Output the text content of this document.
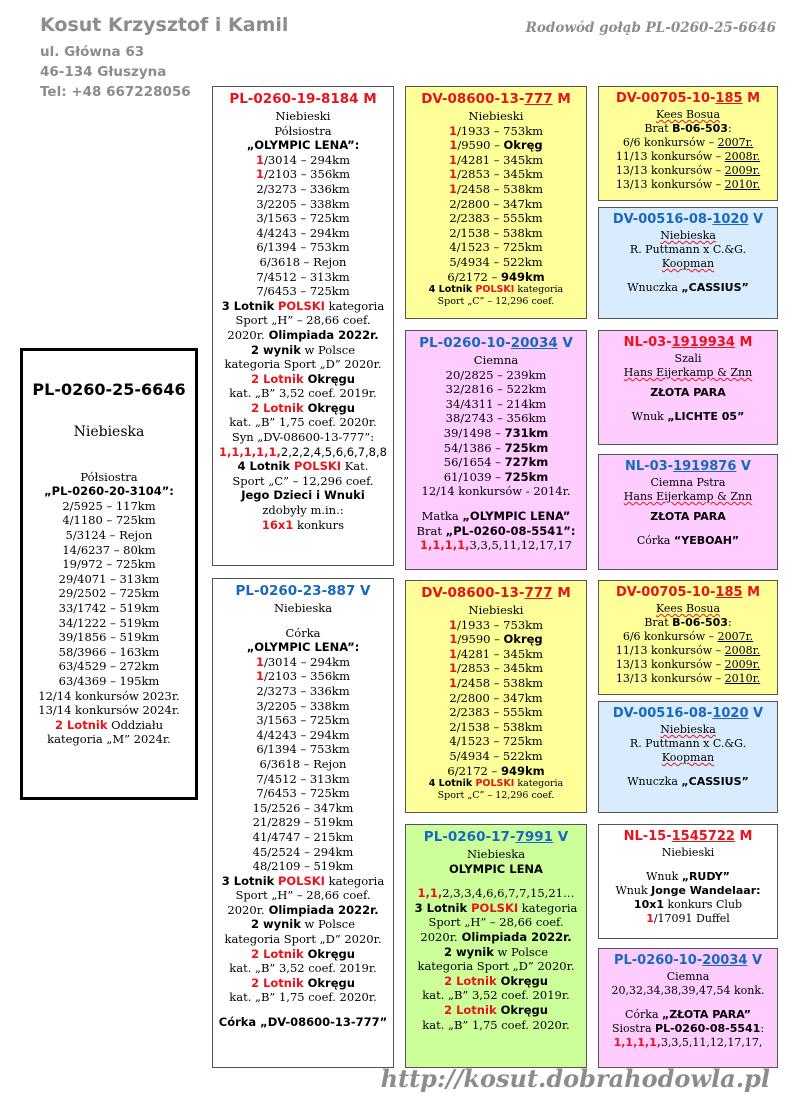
Kosut Krzysztof i Kamil
ul. Główna 63
46-134 Głuszyna
Tel: +48 667228056
Rodowód gołąb PL-0260-25-6646
PL-0260-25-6646
Niebieska
Półsiostra
„PL-0260-20-3104”:
2/5925 – 117km
4/1180 – 725km
5/3124 – Rejon
14/6237 – 80km
19/972 – 725km
29/4071 – 313km
29/2502 – 725km
33/1742 – 519km
34/1222 – 519km
39/1856 – 519km
58/3966 – 163km
63/4529 – 272km
63/4369 – 195km
12/14 konkursów 2023r.
13/14 konkursów 2024r.
2 Lotnik Oddziału
kategoria „M” 2024r.
PL-0260-19-8184 M
Niebieski
Półsiostra
„OLYMPIC LENA”:
1/3014 – 294km
1/2103 – 356km
2/3273 – 336km
3/2205 – 338km
3/1563 – 725km
4/4243 – 294km
6/1394 – 753km
6/3618 – Rejon
7/4512 – 313km
7/6453 – 725km
3 Lotnik POLSKI kategoria
Sport „H” – 28,66 coef.
2020r. Olimpiada 2022r.
2 wynik w Polsce
kategoria Sport „D” 2020r.
2 Lotnik Okręgu
kat. „B” 3,52 coef. 2019r.
2 Lotnik Okręgu
kat. „B” 1,75 coef. 2020r.
Syn „DV-08600-13-777”:
1,1,1,1,1,2,2,2,4,5,6,6,7,8,8
4 Lotnik POLSKI Kat.
Sport „C” – 12,296 coef.
Jego Dzieci i Wnuki
zdobyły m.in.:
16x1 konkurs
PL-0260-23-887 V
Niebieska
Córka
„OLYMPIC LENA”:
1/3014 – 294km
1/2103 – 356km
2/3273 – 336km
3/2205 – 338km
3/1563 – 725km
4/4243 – 294km
6/1394 – 753km
6/3618 – Rejon
7/4512 – 313km
7/6453 – 725km
15/2526 – 347km
21/2829 – 519km
41/4747 – 215km
45/2524 – 294km
48/2109 – 519km
3 Lotnik POLSKI kategoria
Sport „H” – 28,66 coef.
2020r. Olimpiada 2022r.
2 wynik w Polsce
kategoria Sport „D” 2020r.
2 Lotnik Okręgu
kat. „B” 3,52 coef. 2019r.
2 Lotnik Okręgu
kat. „B” 1,75 coef. 2020r.
Córka „DV-08600-13-777”
DV-08600-13-777 M
Niebieski
1/1933 – 753km
1/9590 – Okręg
1/4281 – 345km
1/2853 – 345km
1/2458 – 538km
2/2800 – 347km
2/2383 – 555km
2/1538 – 538km
4/1523 – 725km
5/4934 – 522km
6/2172 – 949km
4 Lotnik POLSKI kategoria
Sport „C” – 12,296 coef.
PL-0260-10-20034 V
Ciemna
20/2825 – 239km
32/2816 – 522km
34/4311 – 214km
38/2743 – 356km
39/1498 – 731km
54/1386 – 725km
56/1654 – 727km
61/1039 – 725km
12/14 konkursów - 2014r.
Matka „OLYMPIC LENA”
Brat „PL-0260-08-5541”:
1,1,1,1,3,3,5,11,12,17,17
DV-08600-13-777 M
Niebieski
1/1933 – 753km
1/9590 – Okręg
1/4281 – 345km
1/2853 – 345km
1/2458 – 538km
2/2800 – 347km
2/2383 – 555km
2/1538 – 538km
4/1523 – 725km
5/4934 – 522km
6/2172 – 949km
4 Lotnik POLSKI kategoria
Sport „C” – 12,296 coef.
PL-0260-17-7991 V
Niebieska
OLYMPIC LENA
1,1,2,3,3,4,6,6,7,7,15,21…
3 Lotnik POLSKI kategoria
Sport „H” – 28,66 coef.
2020r. Olimpiada 2022r.
2 wynik w Polsce
kategoria Sport „D” 2020r.
2 Lotnik Okręgu
kat. „B” 3,52 coef. 2019r.
2 Lotnik Okręgu
kat. „B” 1,75 coef. 2020r.
DV-00705-10-185 M
Kees Bosua
Brat B-06-503:
6/6 konkursów – 2007r.
11/13 konkursów – 2008r.
13/13 konkursów – 2009r.
13/13 konkursów – 2010r.
DV-00516-08-1020 V
Niebieska
R. Puttmann x C.&G.
Koopman
Wnuczka „CASSIUS”
NL-03-1919934 M
Szali
Hans Eijerkamp & Znn
ZŁOTA PARA
Wnuk „LICHTE 05”
NL-03-1919876 V
Ciemna Pstra
Hans Eijerkamp & Znn
ZŁOTA PARA
Córka “YEBOAH”
DV-00705-10-185 M
Kees Bosua
Brat B-06-503:
6/6 konkursów – 2007r.
11/13 konkursów – 2008r.
13/13 konkursów – 2009r.
13/13 konkursów – 2010r.
DV-00516-08-1020 V
Niebieska
R. Puttmann x C.&G.
Koopman
Wnuczka „CASSIUS”
NL-15-1545722 M
Niebieski
Wnuk „RUDY”
Wnuk Jonge Wandelaar:
10x1 konkurs Club
1/17091 Duffel
PL-0260-10-20034 V
Ciemna
20,32,34,38,39,47,54 konk.
Córka „ZŁOTA PARA”
Siostra PL-0260-08-5541:
1,1,1,1,3,3,5,11,12,17,17,
http://kosut.dobrahodowla.pl
